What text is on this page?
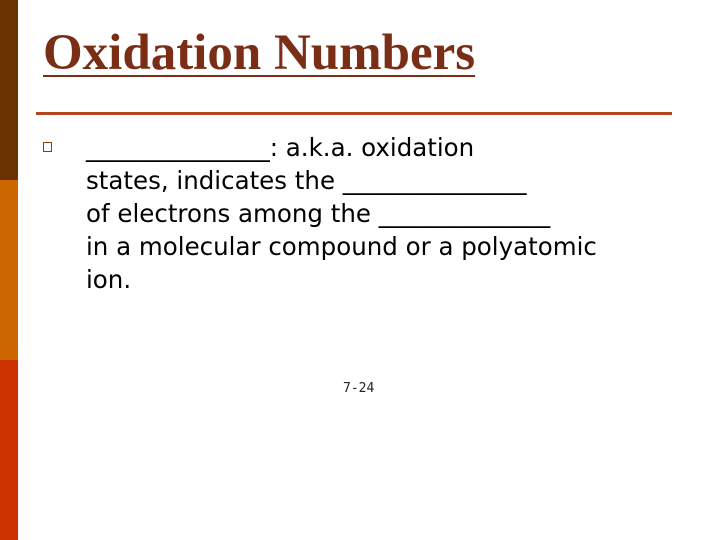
Oxidation Numbers

_______________: a.k.a. oxidation
states, indicates the _______________
of electrons among the ______________
in a molecular compound or a polyatomic
ion.

7-24
